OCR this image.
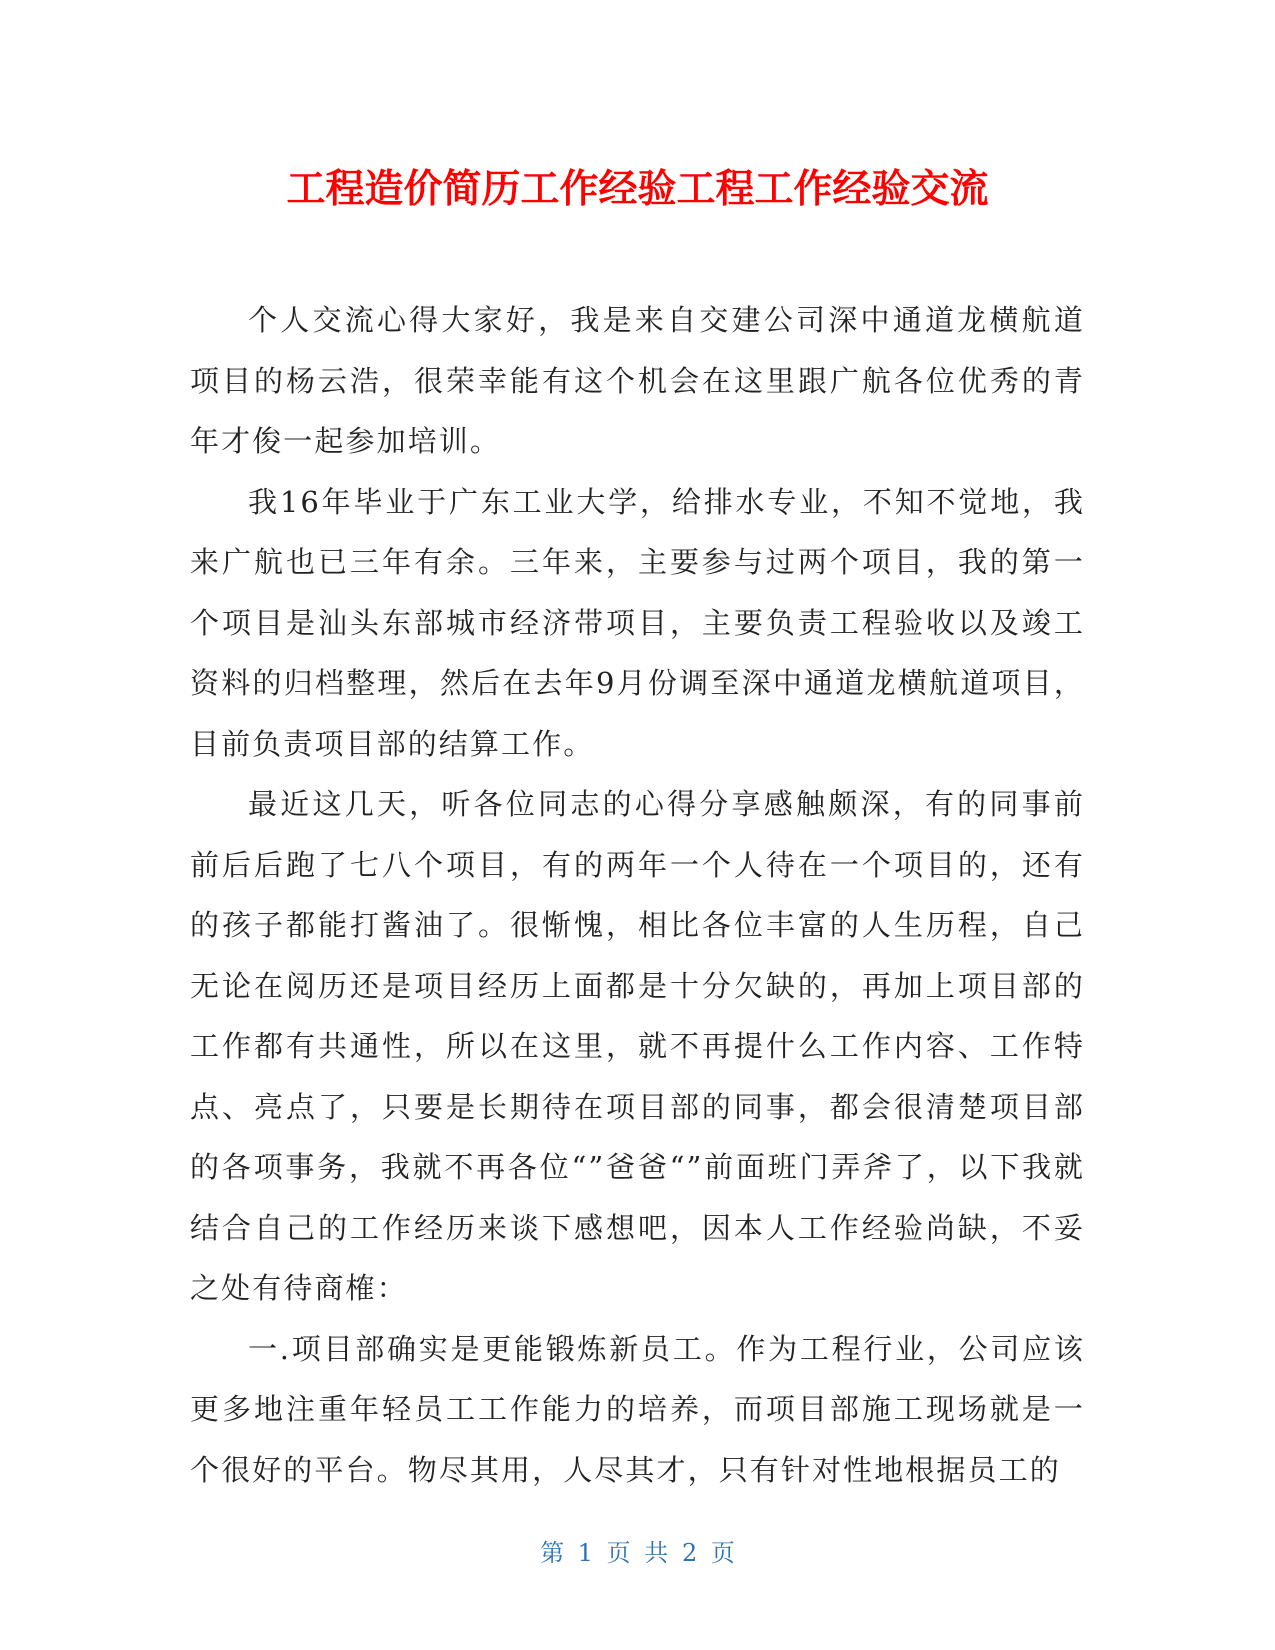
工程造价简历工作经验工程工作经验交流

个人交流心得大家好，我是来自交建公司深中通道龙横航道项目的杨云浩，很荣幸能有这个机会在这里跟广航各位优秀的青年才俊一起参加培训。

我16年毕业于广东工业大学，给排水专业，不知不觉地，我来广航也已三年有余。三年来，主要参与过两个项目，我的第一个项目是汕头东部城市经济带项目，主要负责工程验收以及竣工资料的归档整理，然后在去年9月份调至深中通道龙横航道项目，目前负责项目部的结算工作。

最近这几天，听各位同志的心得分享感触颇深，有的同事前前后后跑了七八个项目，有的两年一个人待在一个项目的，还有的孩子都能打酱油了。很惭愧，相比各位丰富的人生历程，自己无论在阅历还是项目经历上面都是十分欠缺的，再加上项目部的工作都有共通性，所以在这里，就不再提什么工作内容、工作特点、亮点了，只要是长期待在项目部的同事，都会很清楚项目部的各项事务，我就不再各位“”爸爸“”前面班门弄斧了，以下我就结合自己的工作经历来谈下感想吧，因本人工作经验尚缺，不妥之处有待商榷：

一.项目部确实是更能锻炼新员工。作为工程行业，公司应该更多地注重年轻员工工作能力的培养，而项目部施工现场就是一个很好的平台。物尽其用，人尽其才，只有针对性地根据员工的

第 1 页 共 2 页
